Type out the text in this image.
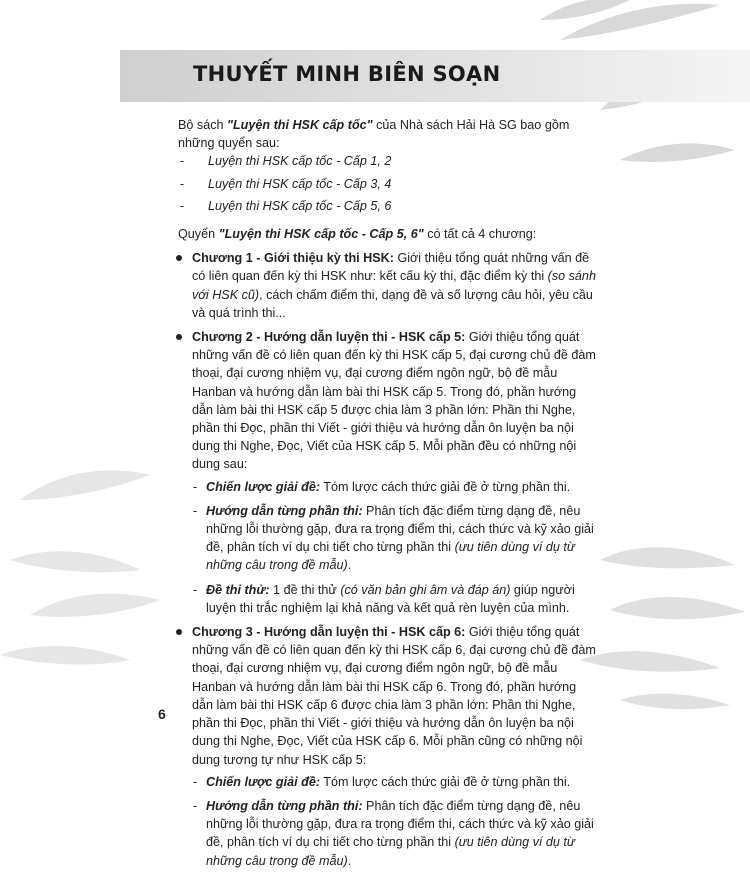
THUYẾT MINH BIÊN SOẠN

Bộ sách "Luyện thi HSK cấp tốc" của Nhà sách Hải Hà SG bao gồm những quyển sau:

- Luyện thi HSK cấp tốc - Cấp 1, 2
- Luyện thi HSK cấp tốc - Cấp 3, 4
- Luyện thi HSK cấp tốc - Cấp 5, 6

Quyển "Luyện thi HSK cấp tốc - Cấp 5, 6" có tất cả 4 chương:

Chương 1 - Giới thiệu kỳ thi HSK: Giới thiệu tổng quát những vấn đề có liên quan đến kỳ thi HSK như: kết cấu kỳ thi, đặc điểm kỳ thi (so sánh với HSK cũ), cách chấm điểm thi, dạng đề và số lượng câu hỏi, yêu cầu và quá trình thi...
Chương 2 - Hướng dẫn luyện thi - HSK cấp 5: Giới thiệu tổng quát những vấn đề có liên quan đến kỳ thi HSK cấp 5, đại cương chủ đề đàm thoại, đại cương nhiệm vụ, đại cương điểm ngôn ngữ, bộ đề mẫu Hanban và hướng dẫn làm bài thi HSK cấp 5. Trong đó, phần hướng dẫn làm bài thi HSK cấp 5 được chia làm 3 phần lớn: Phần thi Nghe, phần thi Đọc, phần thi Viết - giới thiệu và hướng dẫn ôn luyện ba nội dung thi Nghe, Đọc, Viết của HSK cấp 5. Mỗi phần đều có những nội dung sau:
- Chiến lược giải đề: Tóm lược cách thức giải đề ở từng phần thi.
- Hướng dẫn từng phần thi: Phân tích đặc điểm từng dạng đề, nêu những lỗi thường gặp, đưa ra trọng điểm thi, cách thức và kỹ xảo giải đề, phân tích ví dụ chi tiết cho từng phần thi (ưu tiên dùng ví dụ từ những câu trong đề mẫu).
- Đề thi thử: 1 đề thi thử (có văn bản ghi âm và đáp án) giúp người luyện thi trắc nghiệm lại khả năng và kết quả rèn luyện của mình.
Chương 3 - Hướng dẫn luyện thi - HSK cấp 6: Giới thiệu tổng quát những vấn đề có liên quan đến kỳ thi HSK cấp 6, đại cương chủ đề đàm thoại, đại cương nhiệm vụ, đại cương điểm ngôn ngữ, bộ đề mẫu Hanban và hướng dẫn làm bài thi HSK cấp 6. Trong đó, phần hướng dẫn làm bài thi HSK cấp 6 được chia làm 3 phần lớn: Phần thi Nghe, phần thi Đọc, phần thi Viết - giới thiệu và hướng dẫn ôn luyện ba nội dung thi Nghe, Đọc, Viết của HSK cấp 6. Mỗi phần cũng có những nội dung tương tự như HSK cấp 5:
- Chiến lược giải đề: Tóm lược cách thức giải đề ở từng phần thi.
- Hướng dẫn từng phần thi: Phân tích đặc điểm từng dạng đề, nêu những lỗi thường gặp, đưa ra trọng điểm thi, cách thức và kỹ xảo giải đề, phân tích ví dụ chi tiết cho từng phần thi (ưu tiên dùng ví dụ từ những câu trong đề mẫu).
6
